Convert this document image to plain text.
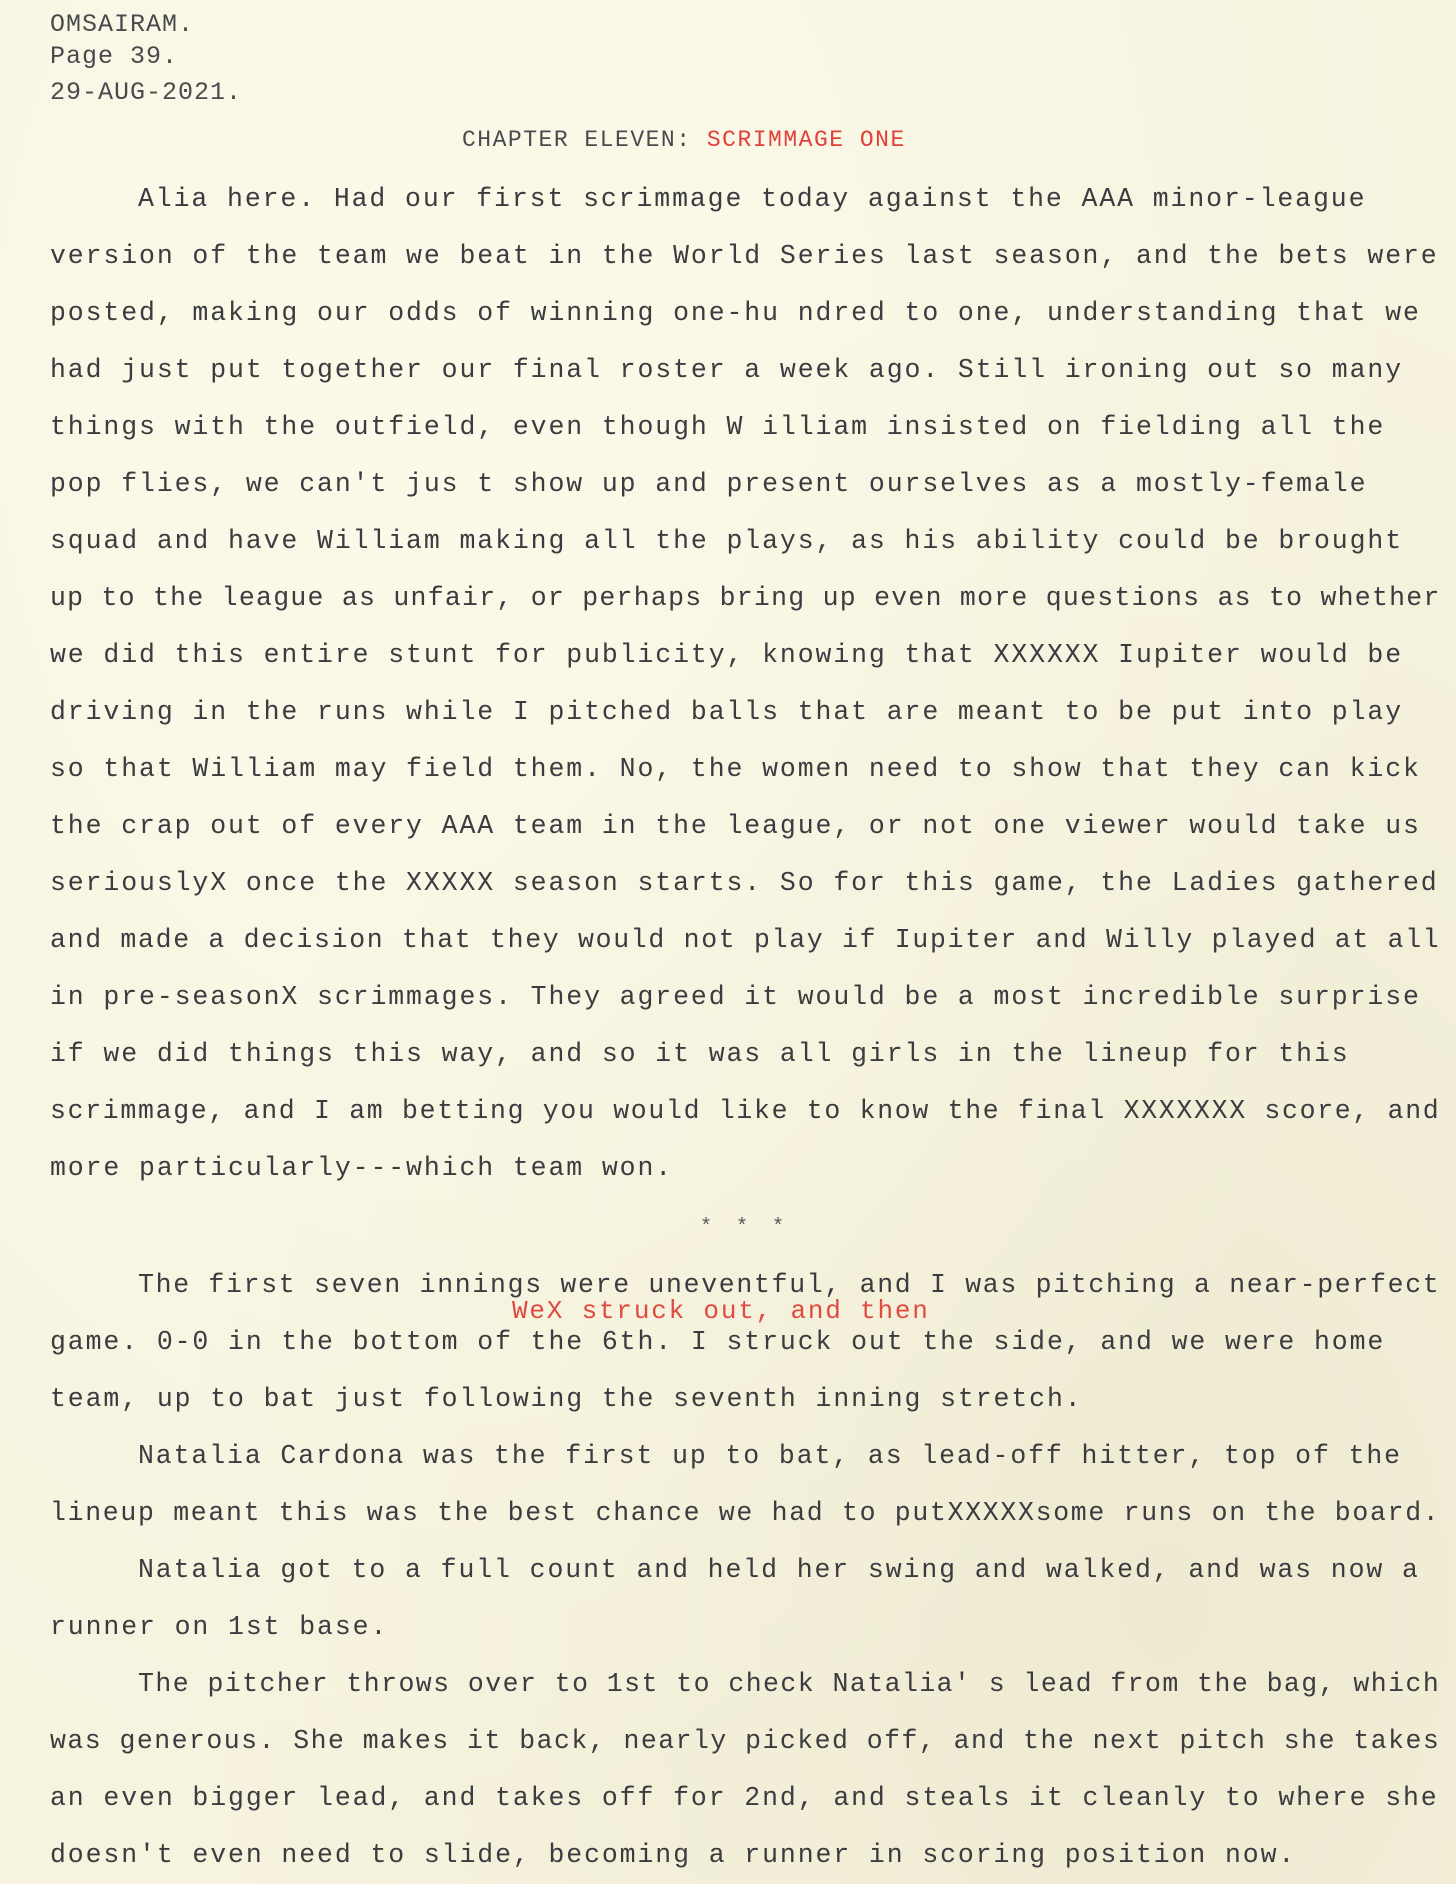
OMSAIRAM.
Page 39.
29-AUG-2021.
CHAPTER ELEVEN: SCRIMMAGE ONE
Alia here. Had our first scrimmage today against the AAA minor-league
version of the team we beat in the World Series last season, and the bets were
posted, making our odds of winning one-hu ndred to one, understanding that we
had just put together our final roster a week ago. Still ironing out so many
things with the outfield, even though W illiam insisted on fielding all the
pop flies, we can't jus t show up and present ourselves as a mostly-female
squad and have William making all the plays, as his ability could be brought
up to the league as unfair, or perhaps bring up even more questions as to whether
we did this entire stunt for publicity, knowing that XXXXXX Iupiter would be
driving in the runs while I pitched balls that are meant to be put into play
so that William may field them. No, the women need to show that they can kick
the crap out of every AAA team in the league, or not one viewer would take us
seriouslyX once the XXXXX season starts. So for this game, the Ladies gathered
and made a decision that they would not play if Iupiter and Willy played at all
in pre-seasonX scrimmages. They agreed it would be a most incredible surprise
if we did things this way, and so it was all girls in the lineup for this
scrimmage, and I am betting you would like to know the final XXXXXXX score, and
more particularly---which team won.
* * *
The first seven innings were uneventful, and I was pitching a near-perfect
WeX struck out, and then
game. 0-0 in the bottom of the 6th. I struck out the side, and we were home
team, up to bat just following the seventh inning stretch.
Natalia Cardona was the first up to bat, as lead-off hitter, top of the
lineup meant this was the best chance we had to putXXXXXsome runs on the board.
Natalia got to a full count and held her swing and walked, and was now a
runner on 1st base.
The pitcher throws over to 1st to check Natalia' s lead from the bag, which
was generous. She makes it back, nearly picked off, and the next pitch she takes
an even bigger lead, and takes off for 2nd, and steals it cleanly to where she
doesn't even need to slide, becoming a runner in scoring position now.
